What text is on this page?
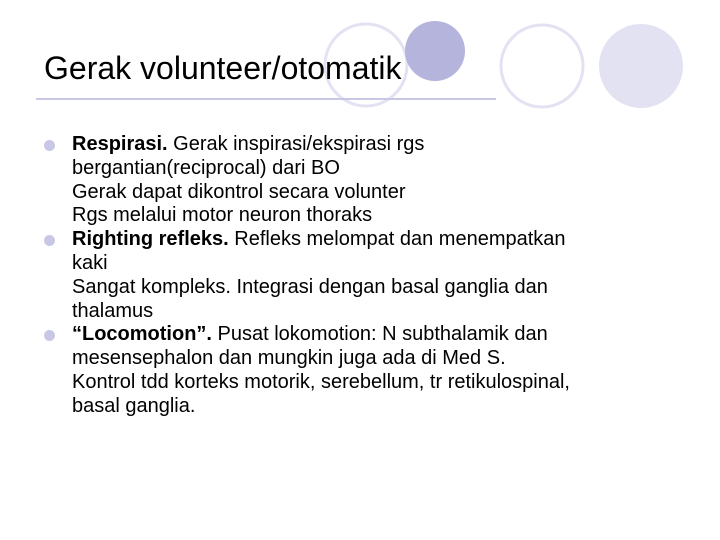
Gerak volunteer/otomatik
Respirasi. Gerak inspirasi/ekspirasi rgs
bergantian(reciprocal) dari BO
Gerak dapat dikontrol secara volunter
Rgs melalui motor neuron thoraks
Righting refleks. Refleks melompat dan menempatkan
kaki
Sangat kompleks. Integrasi dengan basal ganglia dan
thalamus
“Locomotion”. Pusat lokomotion: N subthalamik dan
mesensephalon dan mungkin juga ada di Med S.
Kontrol tdd korteks motorik, serebellum, tr retikulospinal,
basal ganglia.
